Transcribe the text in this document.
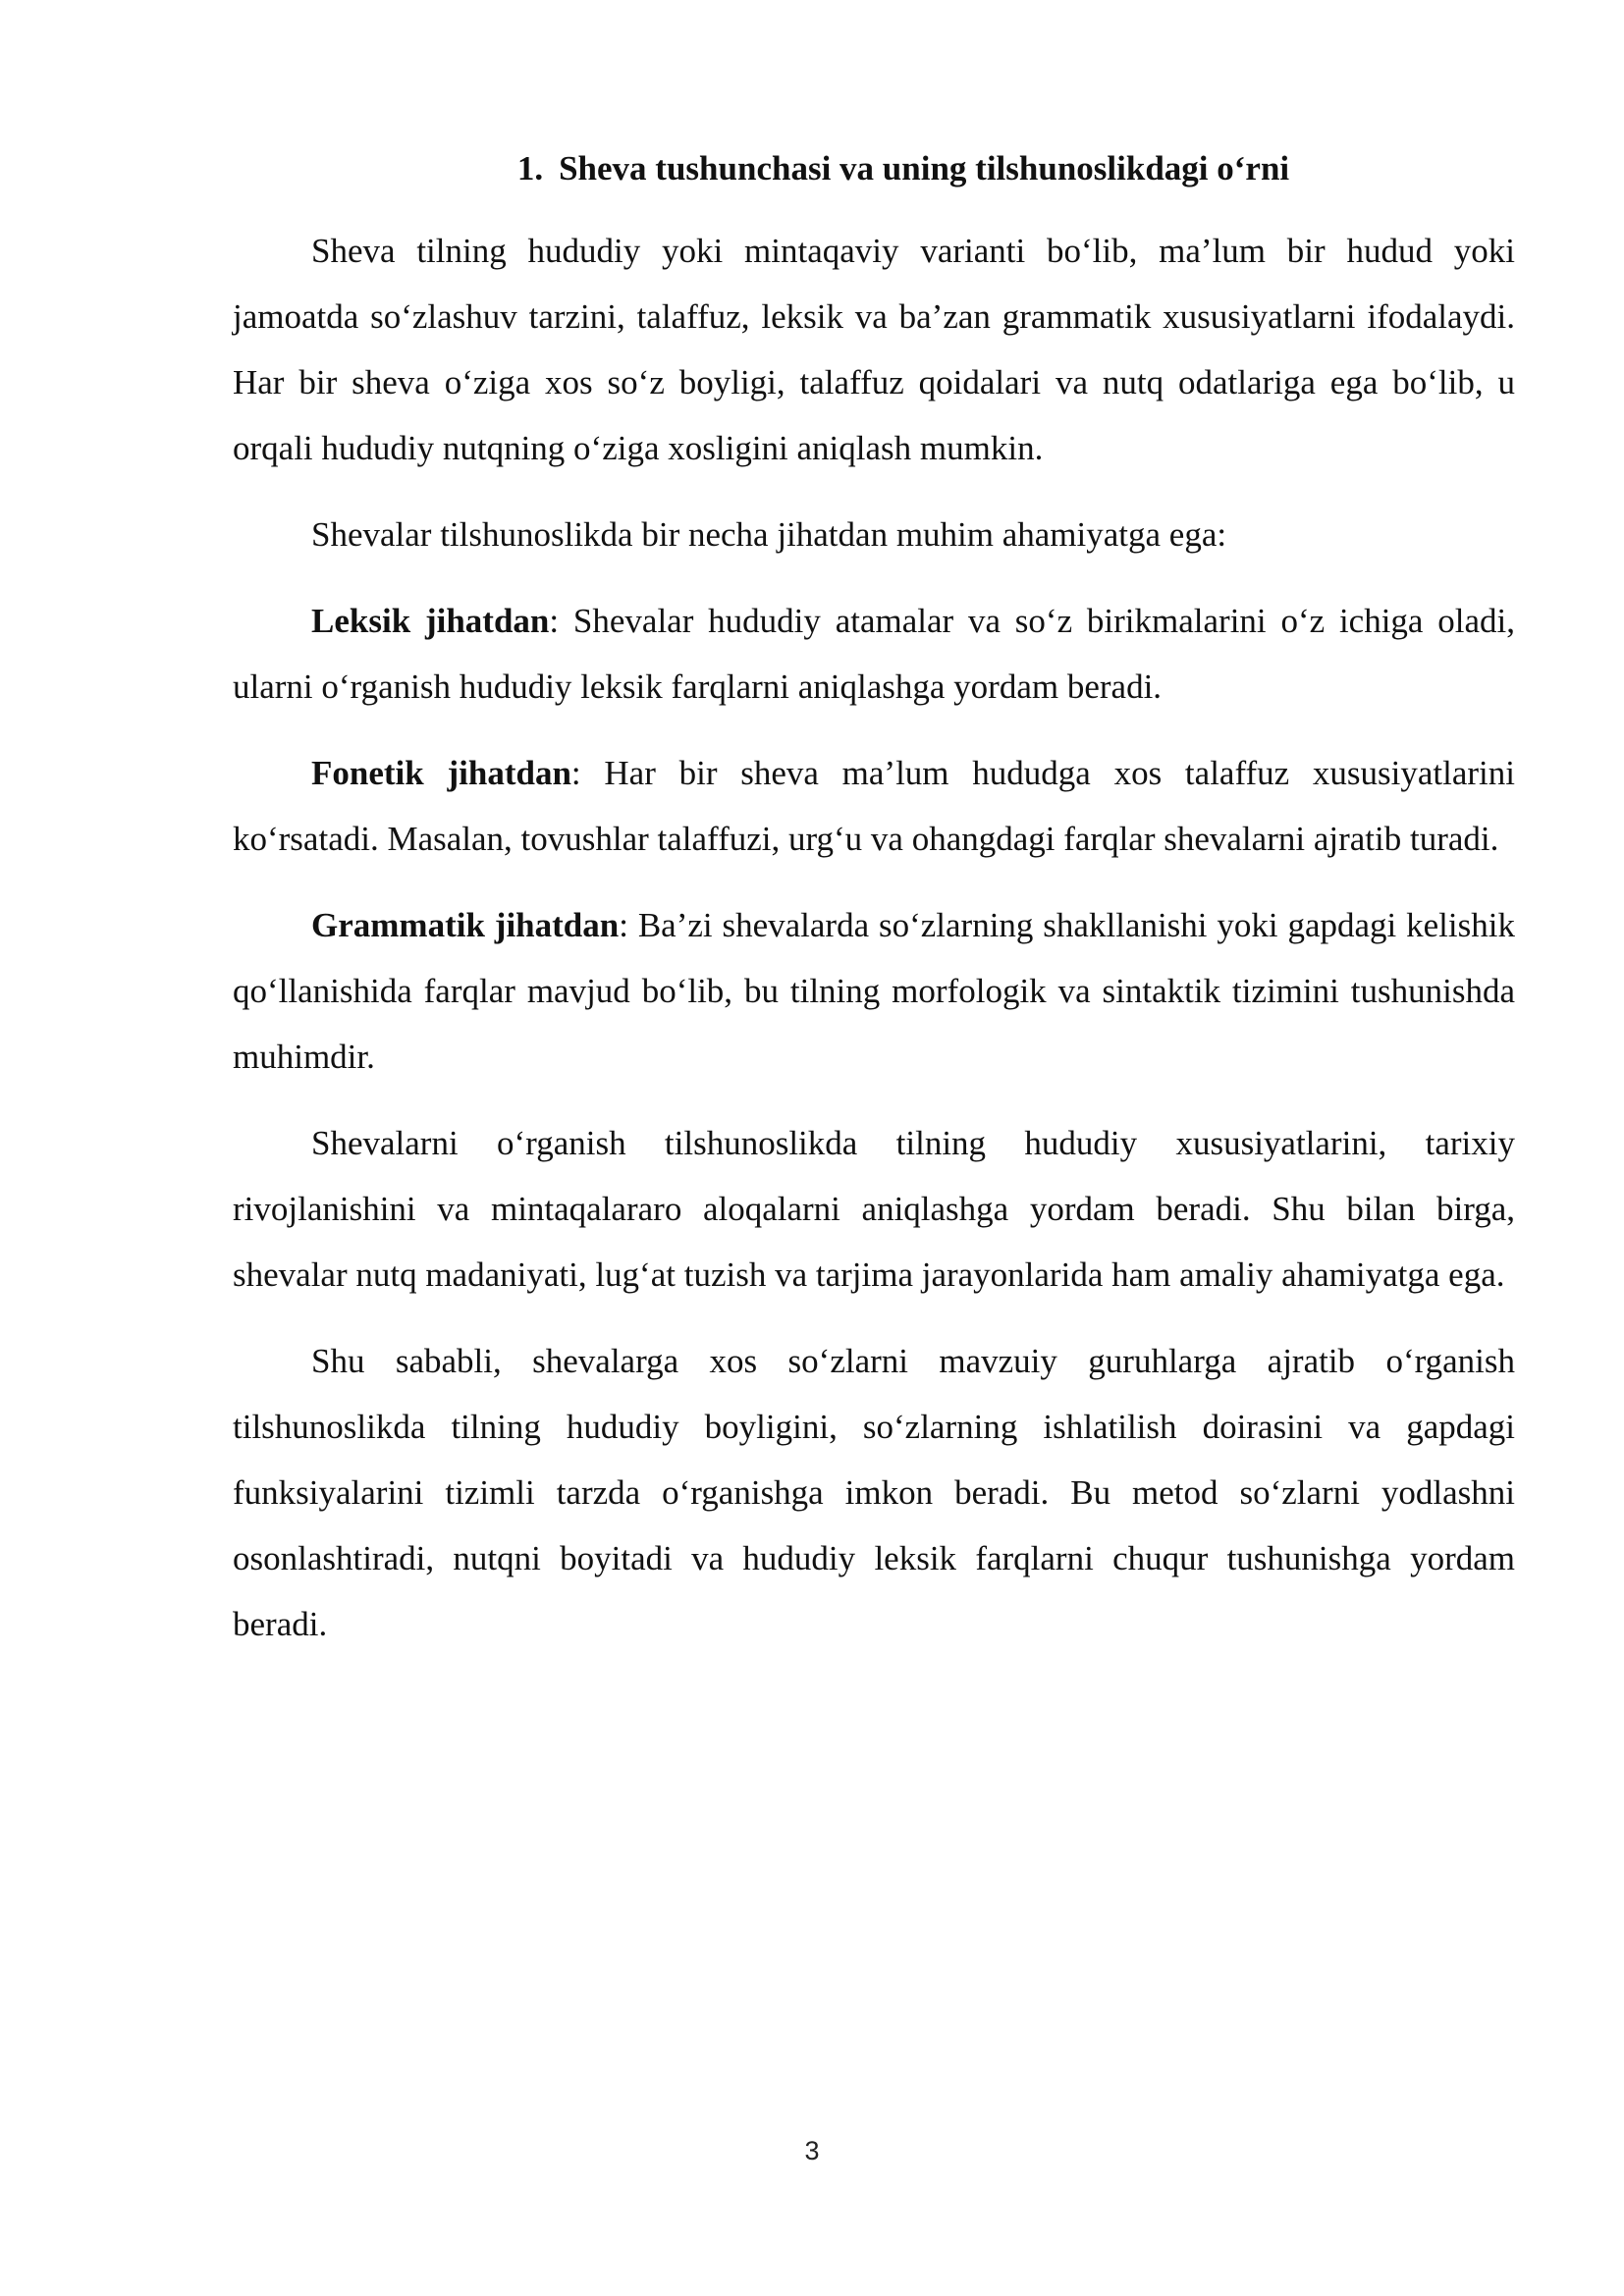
1. Sheva tushunchasi va uning tilshunoslikdagi o‘rni

Sheva tilning hududiy yoki mintaqaviy varianti bo‘lib, ma’lum bir hudud yoki jamoatda so‘zlashuv tarzini, talaffuz, leksik va ba’zan grammatik xususiyatlarni ifodalaydi. Har bir sheva o‘ziga xos so‘z boyligi, talaffuz qoidalari va nutq odatlariga ega bo‘lib, u orqali hududiy nutqning o‘ziga xosligini aniqlash mumkin.

Shevalar tilshunoslikda bir necha jihatdan muhim ahamiyatga ega:

Leksik jihatdan: Shevalar hududiy atamalar va so‘z birikmalarini o‘z ichiga oladi, ularni o‘rganish hududiy leksik farqlarni aniqlashga yordam beradi.

Fonetik jihatdan: Har bir sheva ma’lum hududga xos talaffuz xususiyatlarini ko‘rsatadi. Masalan, tovushlar talaffuzi, urg‘u va ohangdagi farqlar shevalarni ajratib turadi.

Grammatik jihatdan: Ba’zi shevalarda so‘zlarning shakllanishi yoki gapdagi kelishik qo‘llanishida farqlar mavjud bo‘lib, bu tilning morfologik va sintaktik tizimini tushunishda muhimdir.

Shevalarni o‘rganish tilshunoslikda tilning hududiy xususiyatlarini, tarixiy rivojlanishini va mintaqalararo aloqalarni aniqlashga yordam beradi. Shu bilan birga, shevalar nutq madaniyati, lug‘at tuzish va tarjima jarayonlarida ham amaliy ahamiyatga ega.

Shu sababli, shevalarga xos so‘zlarni mavzuiy guruhlarga ajratib o‘rganish tilshunoslikda tilning hududiy boyligini, so‘zlarning ishlatilish doirasini va gapdagi funksiyalarini tizimli tarzda o‘rganishga imkon beradi. Bu metod so‘zlarni yodlashni osonlashtiradi, nutqni boyitadi va hududiy leksik farqlarni chuqur tushunishga yordam beradi.

3
